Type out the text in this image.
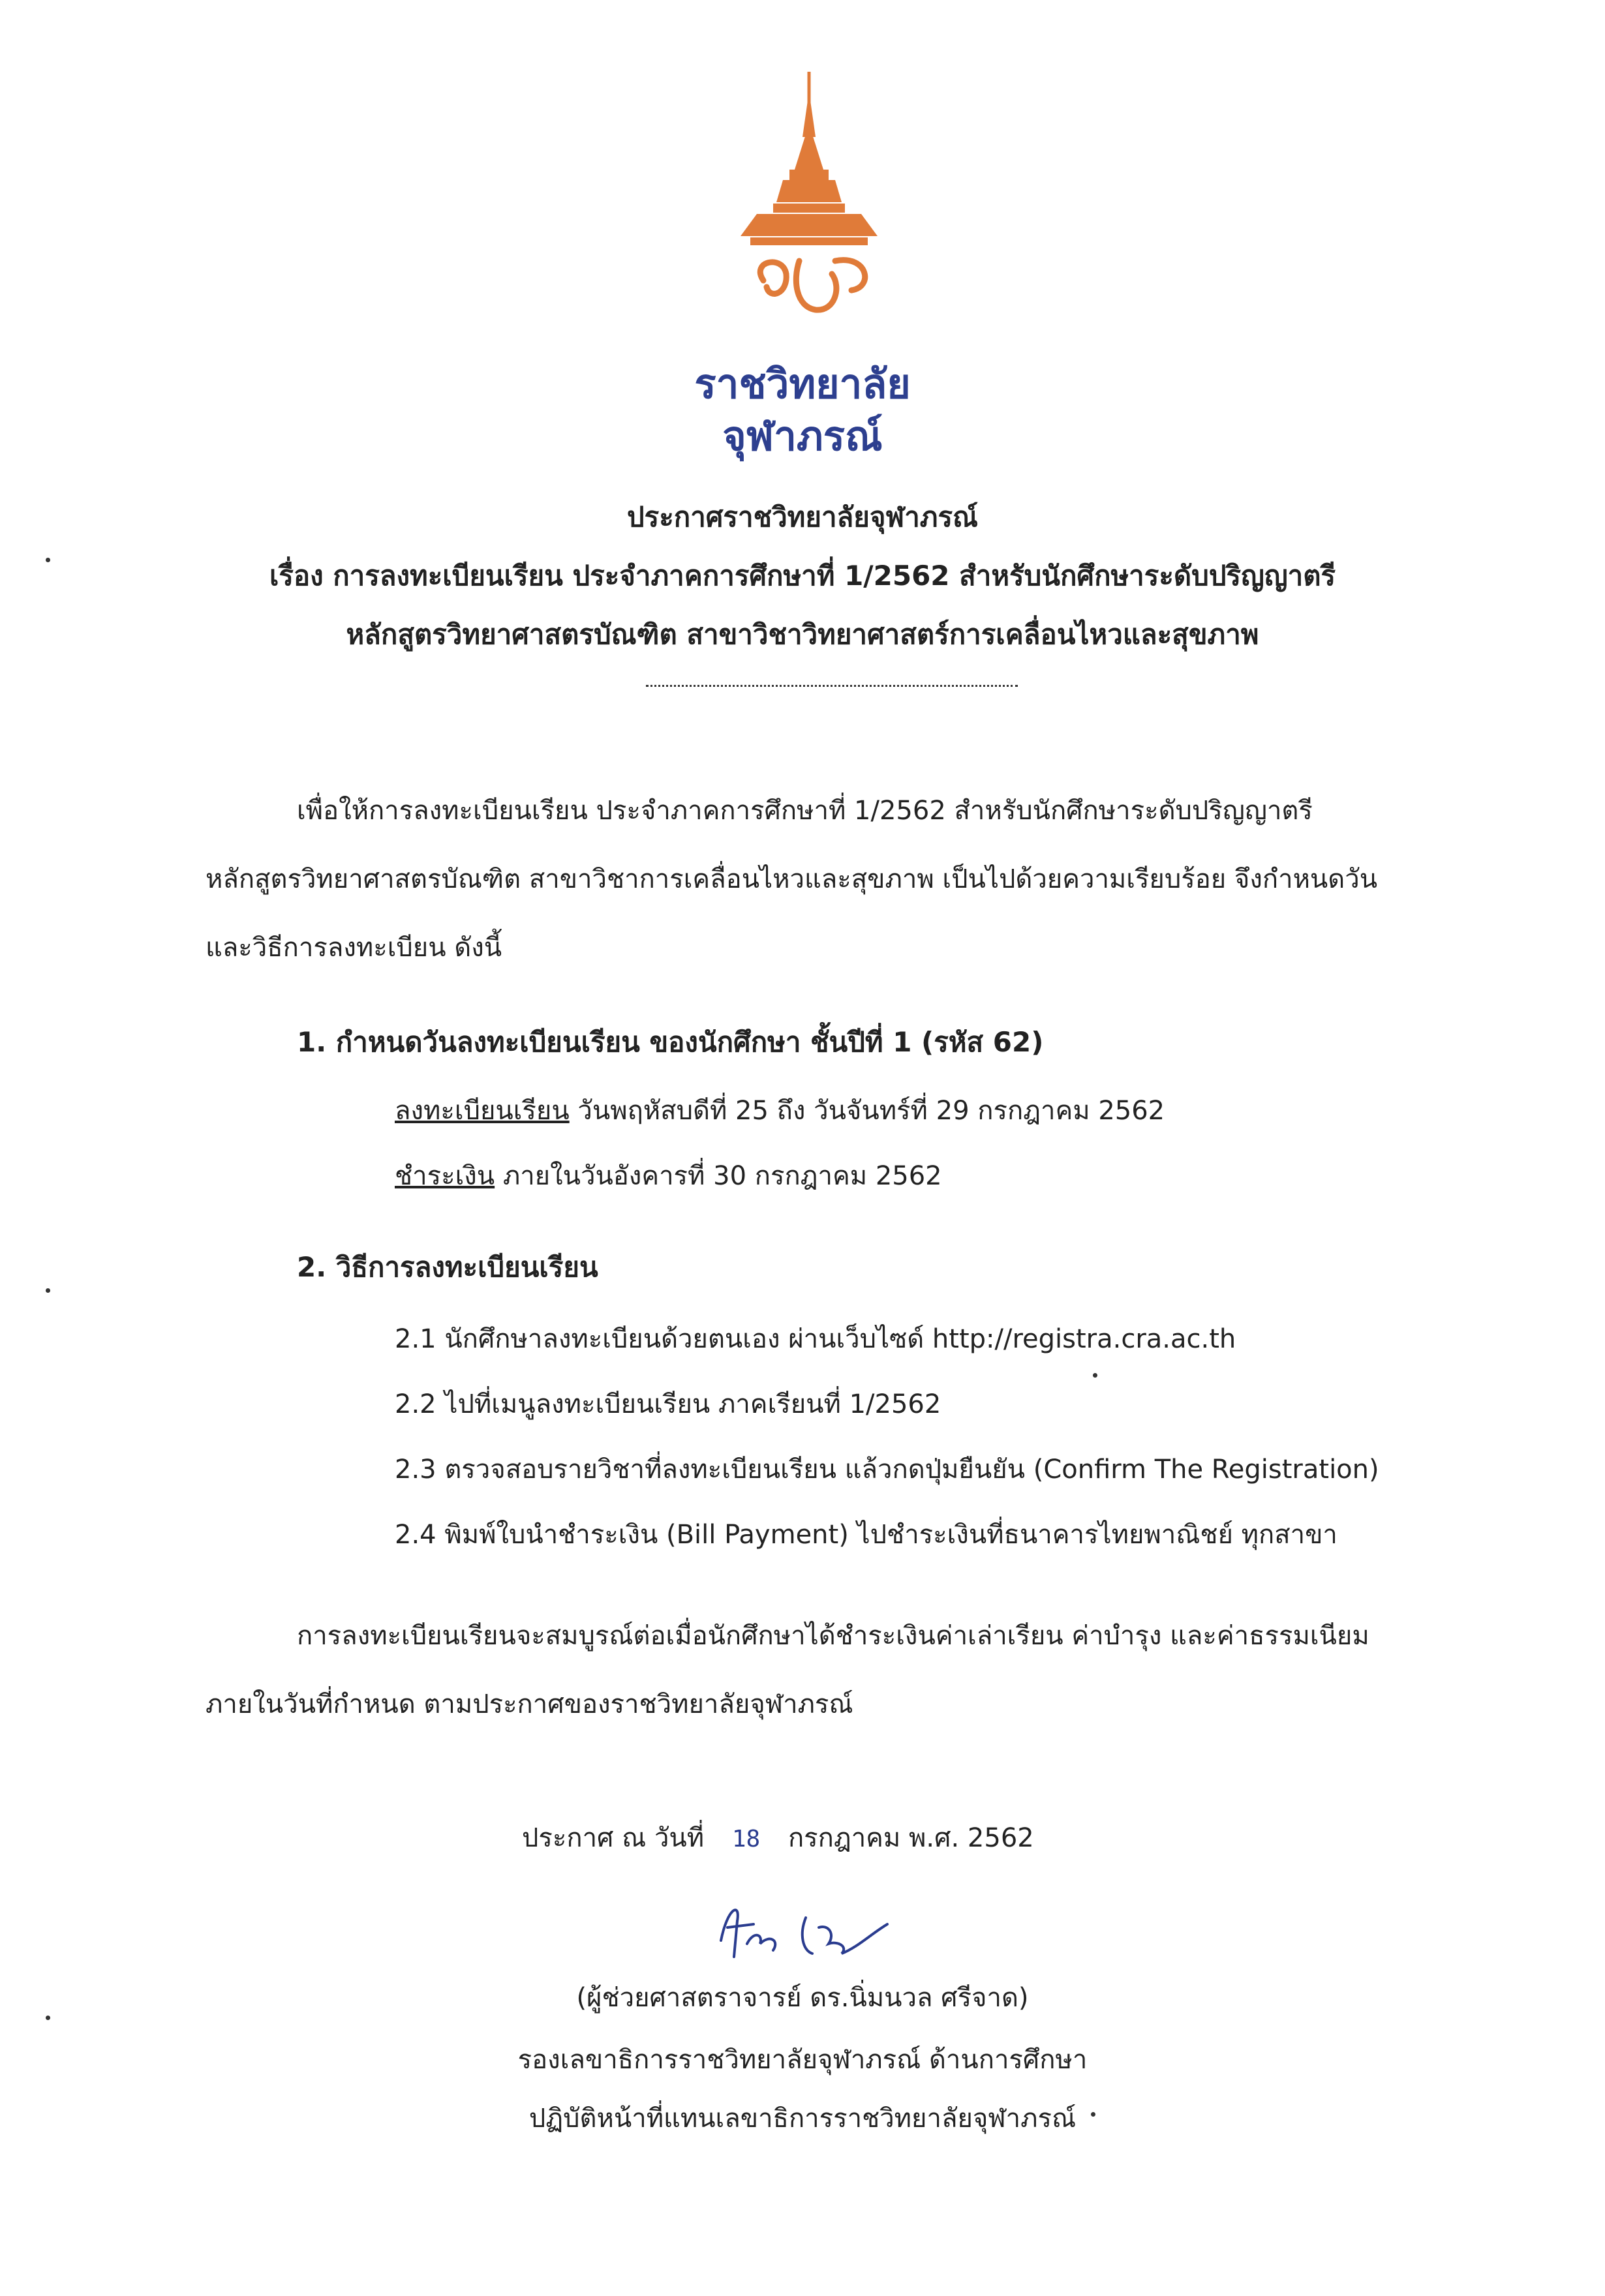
ราชวิทยาลัย
จุฬาภรณ์
ประกาศราชวิทยาลัยจุฬาภรณ์
เรื่อง การลงทะเบียนเรียน ประจำภาคการศึกษาที่ 1/2562 สำหรับนักศึกษาระดับปริญญาตรี
หลักสูตรวิทยาศาสตรบัณฑิต สาขาวิชาวิทยาศาสตร์การเคลื่อนไหวและสุขภาพ
เพื่อให้การลงทะเบียนเรียน ประจำภาคการศึกษาที่ 1/2562 สำหรับนักศึกษาระดับปริญญาตรี
หลักสูตรวิทยาศาสตรบัณฑิต สาขาวิชาการเคลื่อนไหวและสุขภาพ เป็นไปด้วยความเรียบร้อย จึงกำหนดวัน
และวิธีการลงทะเบียน ดังนี้
1. กำหนดวันลงทะเบียนเรียน ของนักศึกษา ชั้นปีที่ 1 (รหัส 62)
ลงทะเบียนเรียน วันพฤหัสบดีที่ 25 ถึง วันจันทร์ที่ 29 กรกฎาคม 2562
ชำระเงิน ภายในวันอังคารที่ 30 กรกฎาคม 2562
2. วิธีการลงทะเบียนเรียน
2.1 นักศึกษาลงทะเบียนด้วยตนเอง ผ่านเว็บไซด์ http://registra.cra.ac.th
2.2 ไปที่เมนูลงทะเบียนเรียน ภาคเรียนที่ 1/2562
2.3 ตรวจสอบรายวิชาที่ลงทะเบียนเรียน แล้วกดปุ่มยืนยัน (Confirm The Registration)
2.4 พิมพ์ใบนำชำระเงิน (Bill Payment) ไปชำระเงินที่ธนาคารไทยพาณิชย์ ทุกสาขา
การลงทะเบียนเรียนจะสมบูรณ์ต่อเมื่อนักศึกษาได้ชำระเงินค่าเล่าเรียน ค่าบำรุง และค่าธรรมเนียม
ภายในวันที่กำหนด ตามประกาศของราชวิทยาลัยจุฬาภรณ์
ประกาศ ณ วันที่ 18 กรกฎาคม พ.ศ. 2562
(ผู้ช่วยศาสตราจารย์ ดร.นิ่มนวล ศรีจาด)
รองเลขาธิการราชวิทยาลัยจุฬาภรณ์ ด้านการศึกษา
ปฏิบัติหน้าที่แทนเลขาธิการราชวิทยาลัยจุฬาภรณ์
